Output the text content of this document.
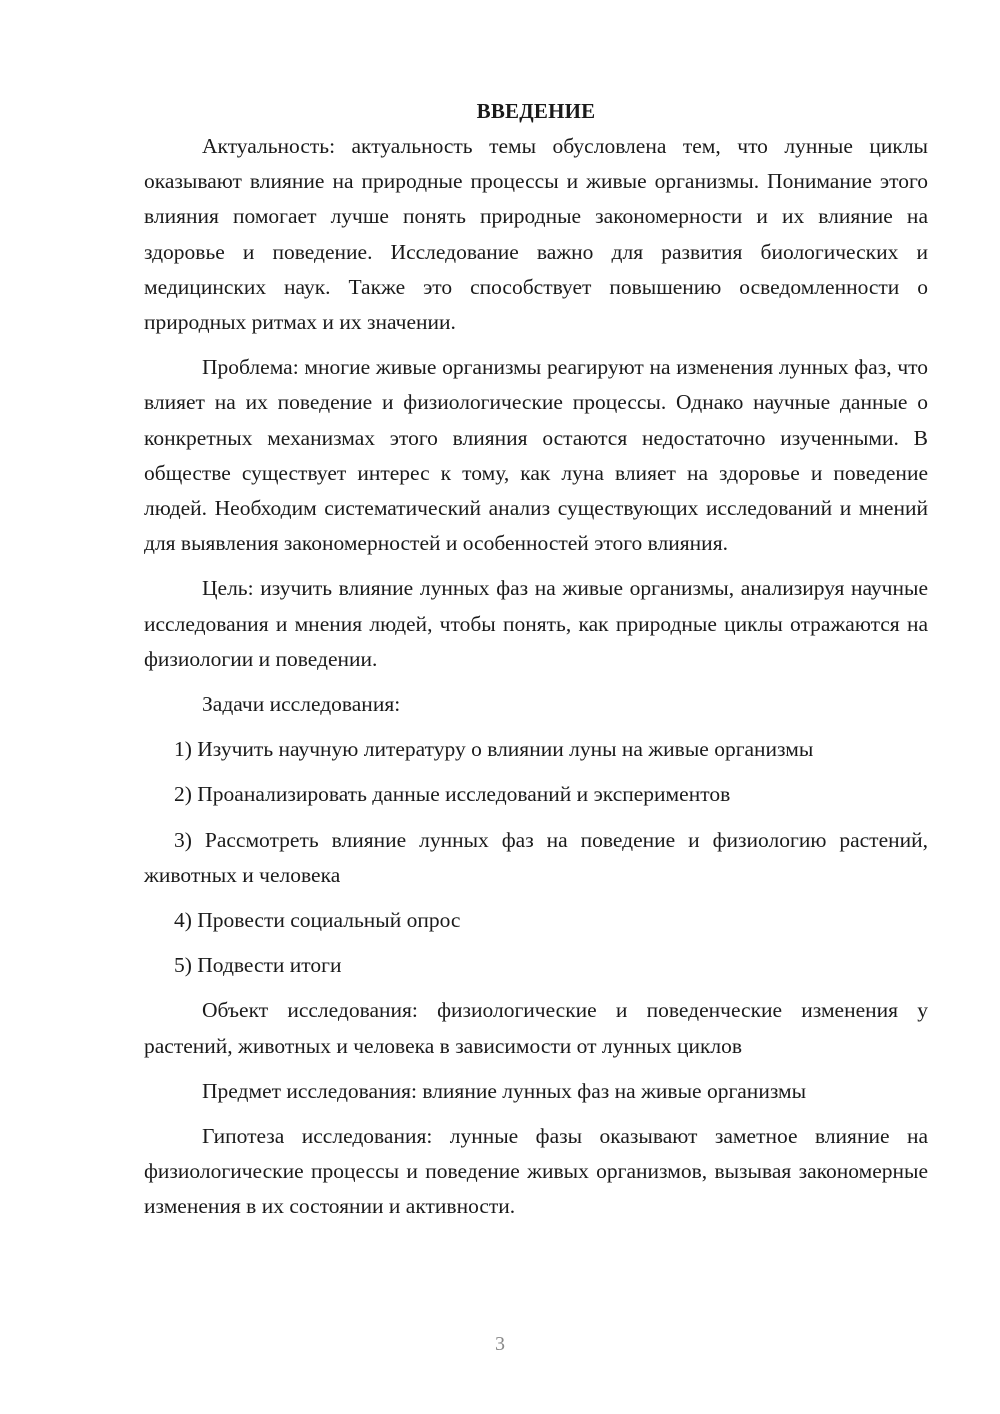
ВВЕДЕНИЕ

Актуальность: актуальность темы обусловлена тем, что лунные циклы оказывают влияние на природные процессы и живые организмы. Понимание этого влияния помогает лучше понять природные закономерности и их влияние на здоровье и поведение. Исследование важно для развития биологических и медицинских наук. Также это способствует повышению осведомленности о природных ритмах и их значении.

Проблема: многие живые организмы реагируют на изменения лунных фаз, что влияет на их поведение и физиологические процессы. Однако научные данные о конкретных механизмах этого влияния остаются недостаточно изученными. В обществе существует интерес к тому, как луна влияет на здоровье и поведение людей. Необходим систематический анализ существующих исследований и мнений для выявления закономерностей и особенностей этого влияния.

Цель: изучить влияние лунных фаз на живые организмы, анализируя научные исследования и мнения людей, чтобы понять, как природные циклы отражаются на физиологии и поведении.

Задачи исследования:

1) Изучить научную литературу о влиянии луны на живые организмы

2) Проанализировать данные исследований и экспериментов

3) Рассмотреть влияние лунных фаз на поведение и физиологию растений, животных и человека

4) Провести социальный опрос

5) Подвести итоги

Объект исследования: физиологические и поведенческие изменения у растений, животных и человека в зависимости от лунных циклов

Предмет исследования: влияние лунных фаз на живые организмы

Гипотеза исследования: лунные фазы оказывают заметное влияние на физиологические процессы и поведение живых организмов, вызывая закономерные изменения в их состоянии и активности.

3
